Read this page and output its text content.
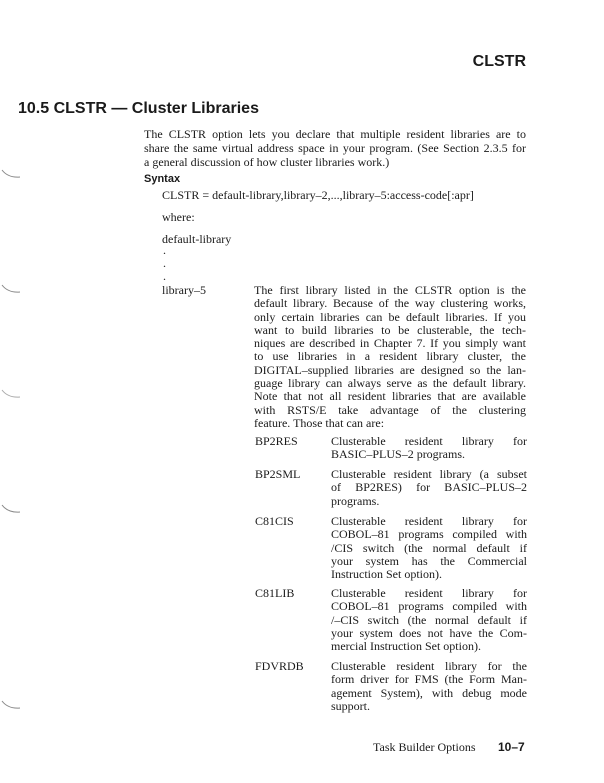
CLSTR
10.5 CLSTR — Cluster Libraries
The CLSTR option lets you declare that multiple resident libraries are to
share the same virtual address space in your program. (See Section 2.3.5 for
a general discussion of how cluster libraries work.)
Syntax
CLSTR = default-library,library–2,...,library–5:access-code[:apr]
where:
default-library
.
.
.
library–5	The first library listed in the CLSTR option is the
default library. Because of the way clustering works,
only certain libraries can be default libraries. If you
want to build libraries to be clusterable, the tech-
niques are described in Chapter 7. If you simply want
to use libraries in a resident library cluster, the
DIGITAL–supplied libraries are designed so the lan-
guage library can always serve as the default library.
Note that not all resident libraries that are available
with RSTS/E take advantage of the clustering
feature. Those that can are:
BP2RES	Clusterable resident library for
BASIC–PLUS–2 programs.
BP2SML	Clusterable resident library (a subset
of BP2RES) for BASIC–PLUS–2
programs.
C81CIS	Clusterable resident library for
COBOL–81 programs compiled with
/CIS switch (the normal default if
your system has the Commercial
Instruction Set option).
C81LIB	Clusterable resident library for
COBOL–81 programs compiled with
/–CIS switch (the normal default if
your system does not have the Com-
mercial Instruction Set option).
FDVRDB Clusterable resident library for the
form driver for FMS (the Form Man-
agement System), with debug mode
support.
Task Builder Options 10–7
